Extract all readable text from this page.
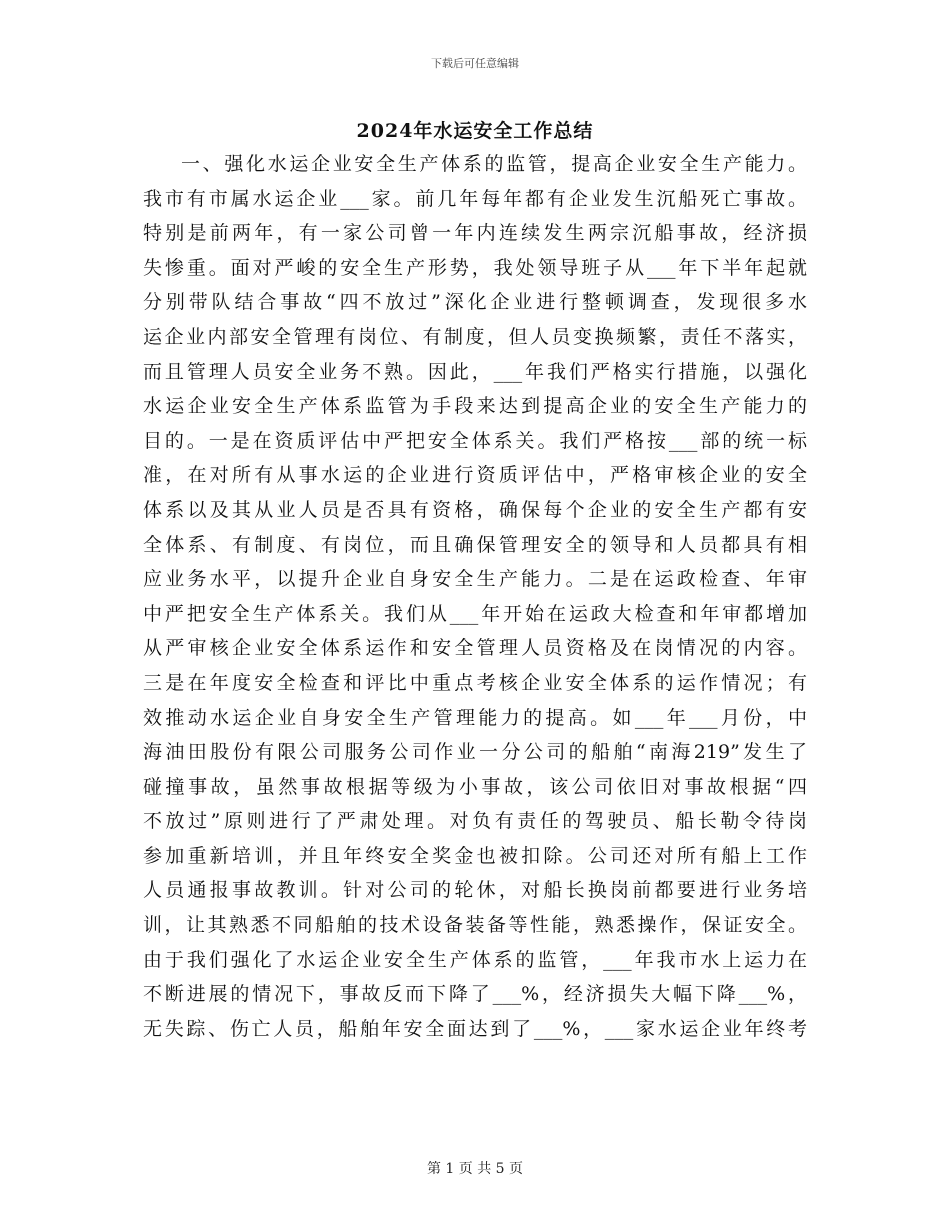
下载后可任意编辑
2024年水运安全工作总结
一、强化水运企业安全生产体系的监管，提高企业安全生产能力。
我市有市属水运企业___家。前几年每年都有企业发生沉船死亡事故。
特别是前两年，有一家公司曾一年内连续发生两宗沉船事故，经济损
失惨重。面对严峻的安全生产形势，我处领导班子从___年下半年起就
分别带队结合事故“四不放过”深化企业进行整顿调查，发现很多水
运企业内部安全管理有岗位、有制度，但人员变换频繁，责任不落实，
而且管理人员安全业务不熟。因此，___年我们严格实行措施，以强化
水运企业安全生产体系监管为手段来达到提高企业的安全生产能力的
目的。一是在资质评估中严把安全体系关。我们严格按___部的统一标
准，在对所有从事水运的企业进行资质评估中，严格审核企业的安全
体系以及其从业人员是否具有资格，确保每个企业的安全生产都有安
全体系、有制度、有岗位，而且确保管理安全的领导和人员都具有相
应业务水平，以提升企业自身安全生产能力。二是在运政检查、年审
中严把安全生产体系关。我们从___年开始在运政大检查和年审都增加
从严审核企业安全体系运作和安全管理人员资格及在岗情况的内容。
三是在年度安全检查和评比中重点考核企业安全体系的运作情况；有
效推动水运企业自身安全生产管理能力的提高。如___年___月份，中
海油田股份有限公司服务公司作业一分公司的船舶“南海219”发生了
碰撞事故，虽然事故根据等级为小事故，该公司依旧对事故根据“四
不放过”原则进行了严肃处理。对负有责任的驾驶员、船长勒令待岗
参加重新培训，并且年终安全奖金也被扣除。公司还对所有船上工作
人员通报事故教训。针对公司的轮休，对船长换岗前都要进行业务培
训，让其熟悉不同船舶的技术设备装备等性能，熟悉操作，保证安全。
由于我们强化了水运企业安全生产体系的监管，___年我市水上运力在
不断进展的情况下，事故反而下降了___%，经济损失大幅下降___%，
无失踪、伤亡人员，船舶年安全面达到了___%，___家水运企业年终考
第 1 页 共 5 页
